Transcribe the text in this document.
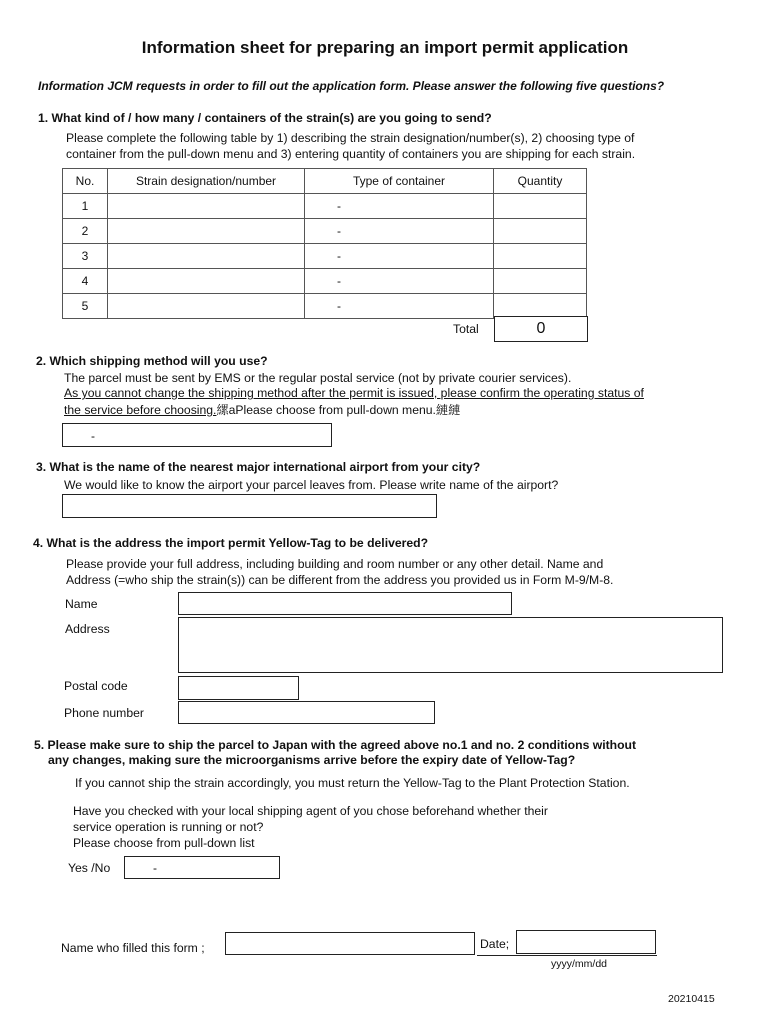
Information sheet for preparing an import permit application
Information JCM requests in order to fill out the application form. Please answer the following five questions?
1. What kind of / how many / containers of the strain(s) are you going to send?
Please complete the following table by 1) describing the strain designation/number(s), 2) choosing type of
container from the pull-down menu and 3) entering quantity of containers you are shipping for each strain.
No.	Strain designation/number	Type of container	Quantity
1		-	
2		-	
3		-	
4		-	
5		-	
Total	0
2. Which shipping method will you use?
The parcel must be sent by EMS or the regular postal service (not by private courier services).
As you cannot change the shipping method after the permit is issued, please confirm the operating status of
the service before choosing.縲аPlease choose from pull-down menu.縺縺
-
3. What is the name of the nearest major international airport from your city?
We would like to know the airport your parcel leaves from. Please write name of the airport?
4. What is the address the import permit Yellow-Tag to be delivered?
Please provide your full address, including building and room number or any other detail. Name and
Address (=who ship the strain(s)) can be different from the address you provided us in Form M-9/M-8.
Name
Address
Postal code
Phone number
5. Please make sure to ship the parcel to Japan with the agreed above no.1 and no. 2 conditions without
any changes, making sure the microorganisms arrive before the expiry date of Yellow-Tag?
If you cannot ship the strain accordingly, you must return the Yellow-Tag to the Plant Protection Station.
Have you checked with your local shipping agent of you chose beforehand whether their
service operation is running or not?
Please choose from pull-down list
Yes /No	-
Name who filled this form ;	Date;
yyyy/mm/dd
20210415
